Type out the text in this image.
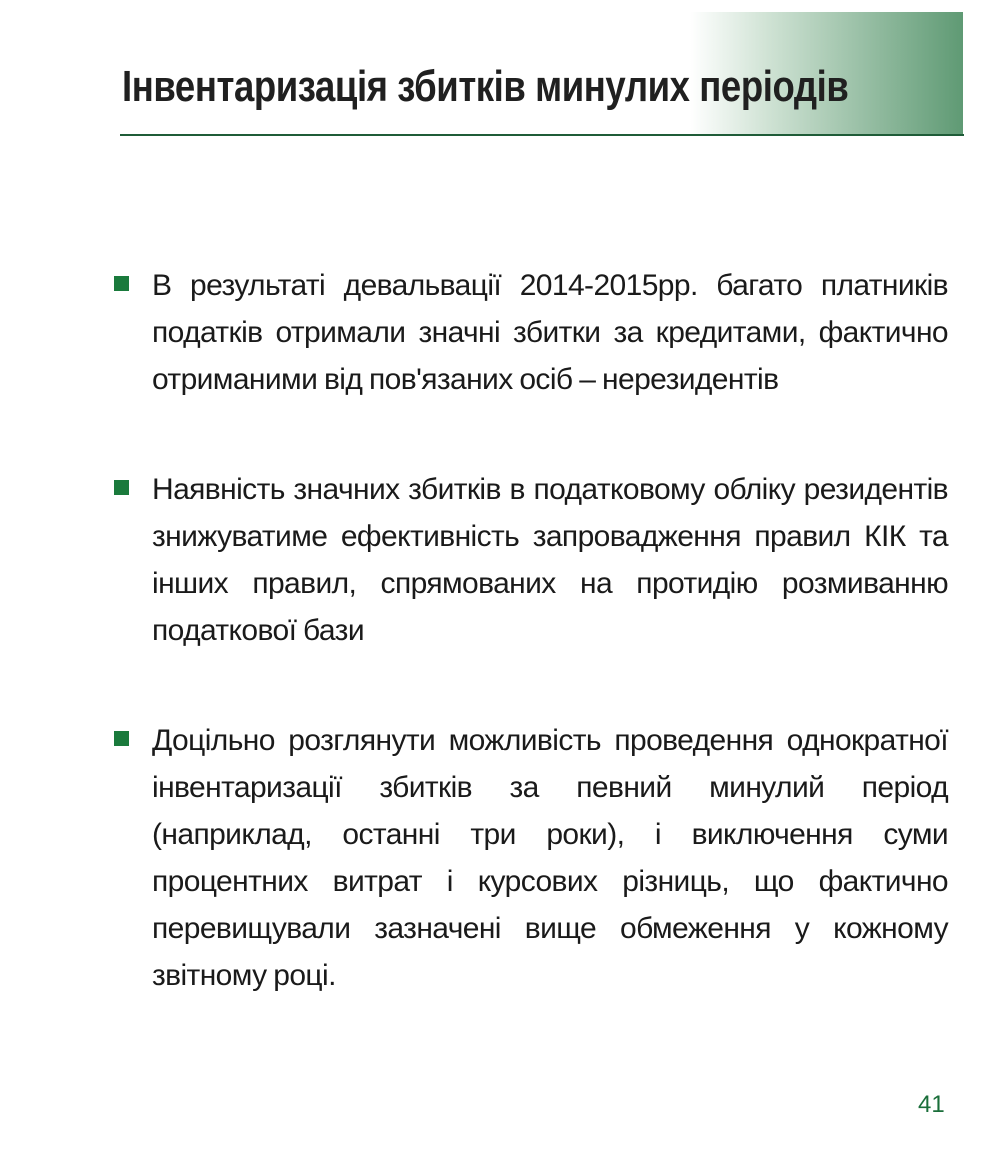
Інвентаризація збитків минулих періодів
В результаті девальвації 2014-2015рр. багато платників податків отримали значні збитки за кредитами, фактично отриманими від пов'язаних осіб – нерезидентів
Наявність значних збитків в податковому обліку резидентів знижуватиме ефективність запровадження правил КІК та інших правил, спрямованих на протидію розмиванню податкової бази
Доцільно розглянути можливість проведення однократної інвентаризації збитків за певний минулий період (наприклад, останні три роки), і виключення суми процентних витрат і курсових різниць, що фактично перевищували зазначені вище обмеження у кожному звітному році.
41
